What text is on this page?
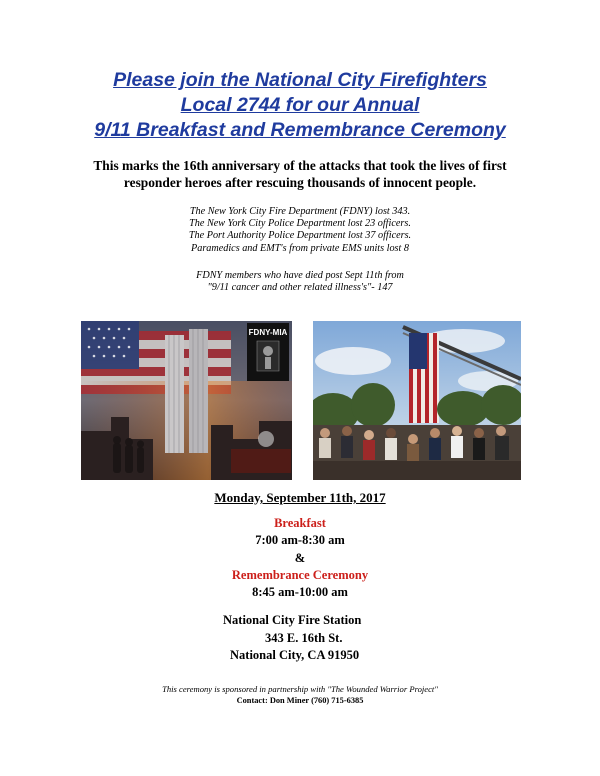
Please join the National City Firefighters
Local 2744 for our Annual
9/11 Breakfast and Remembrance Ceremony
This marks the 16th anniversary of the attacks that took the lives of first
responder heroes after rescuing thousands of innocent people.
The New York City Fire Department (FDNY) lost 343.
The New York City Police Department lost 23 officers.
The Port Authority Police Department lost 37 officers.
Paramedics and EMT's from private EMS units lost 8
FDNY members who have died post Sept 11th from
"9/11 cancer and other related illness's"- 147
FDNY-MIA
Monday, September 11th, 2017
Breakfast
7:00 am-8:30 am
&
Remembrance Ceremony
8:45 am-10:00 am
National City Fire Station
343 E. 16th St.
National City, CA 91950
This ceremony is sponsored in partnership with "The Wounded Warrior Project"
Contact: Don Miner (760) 715-6385
